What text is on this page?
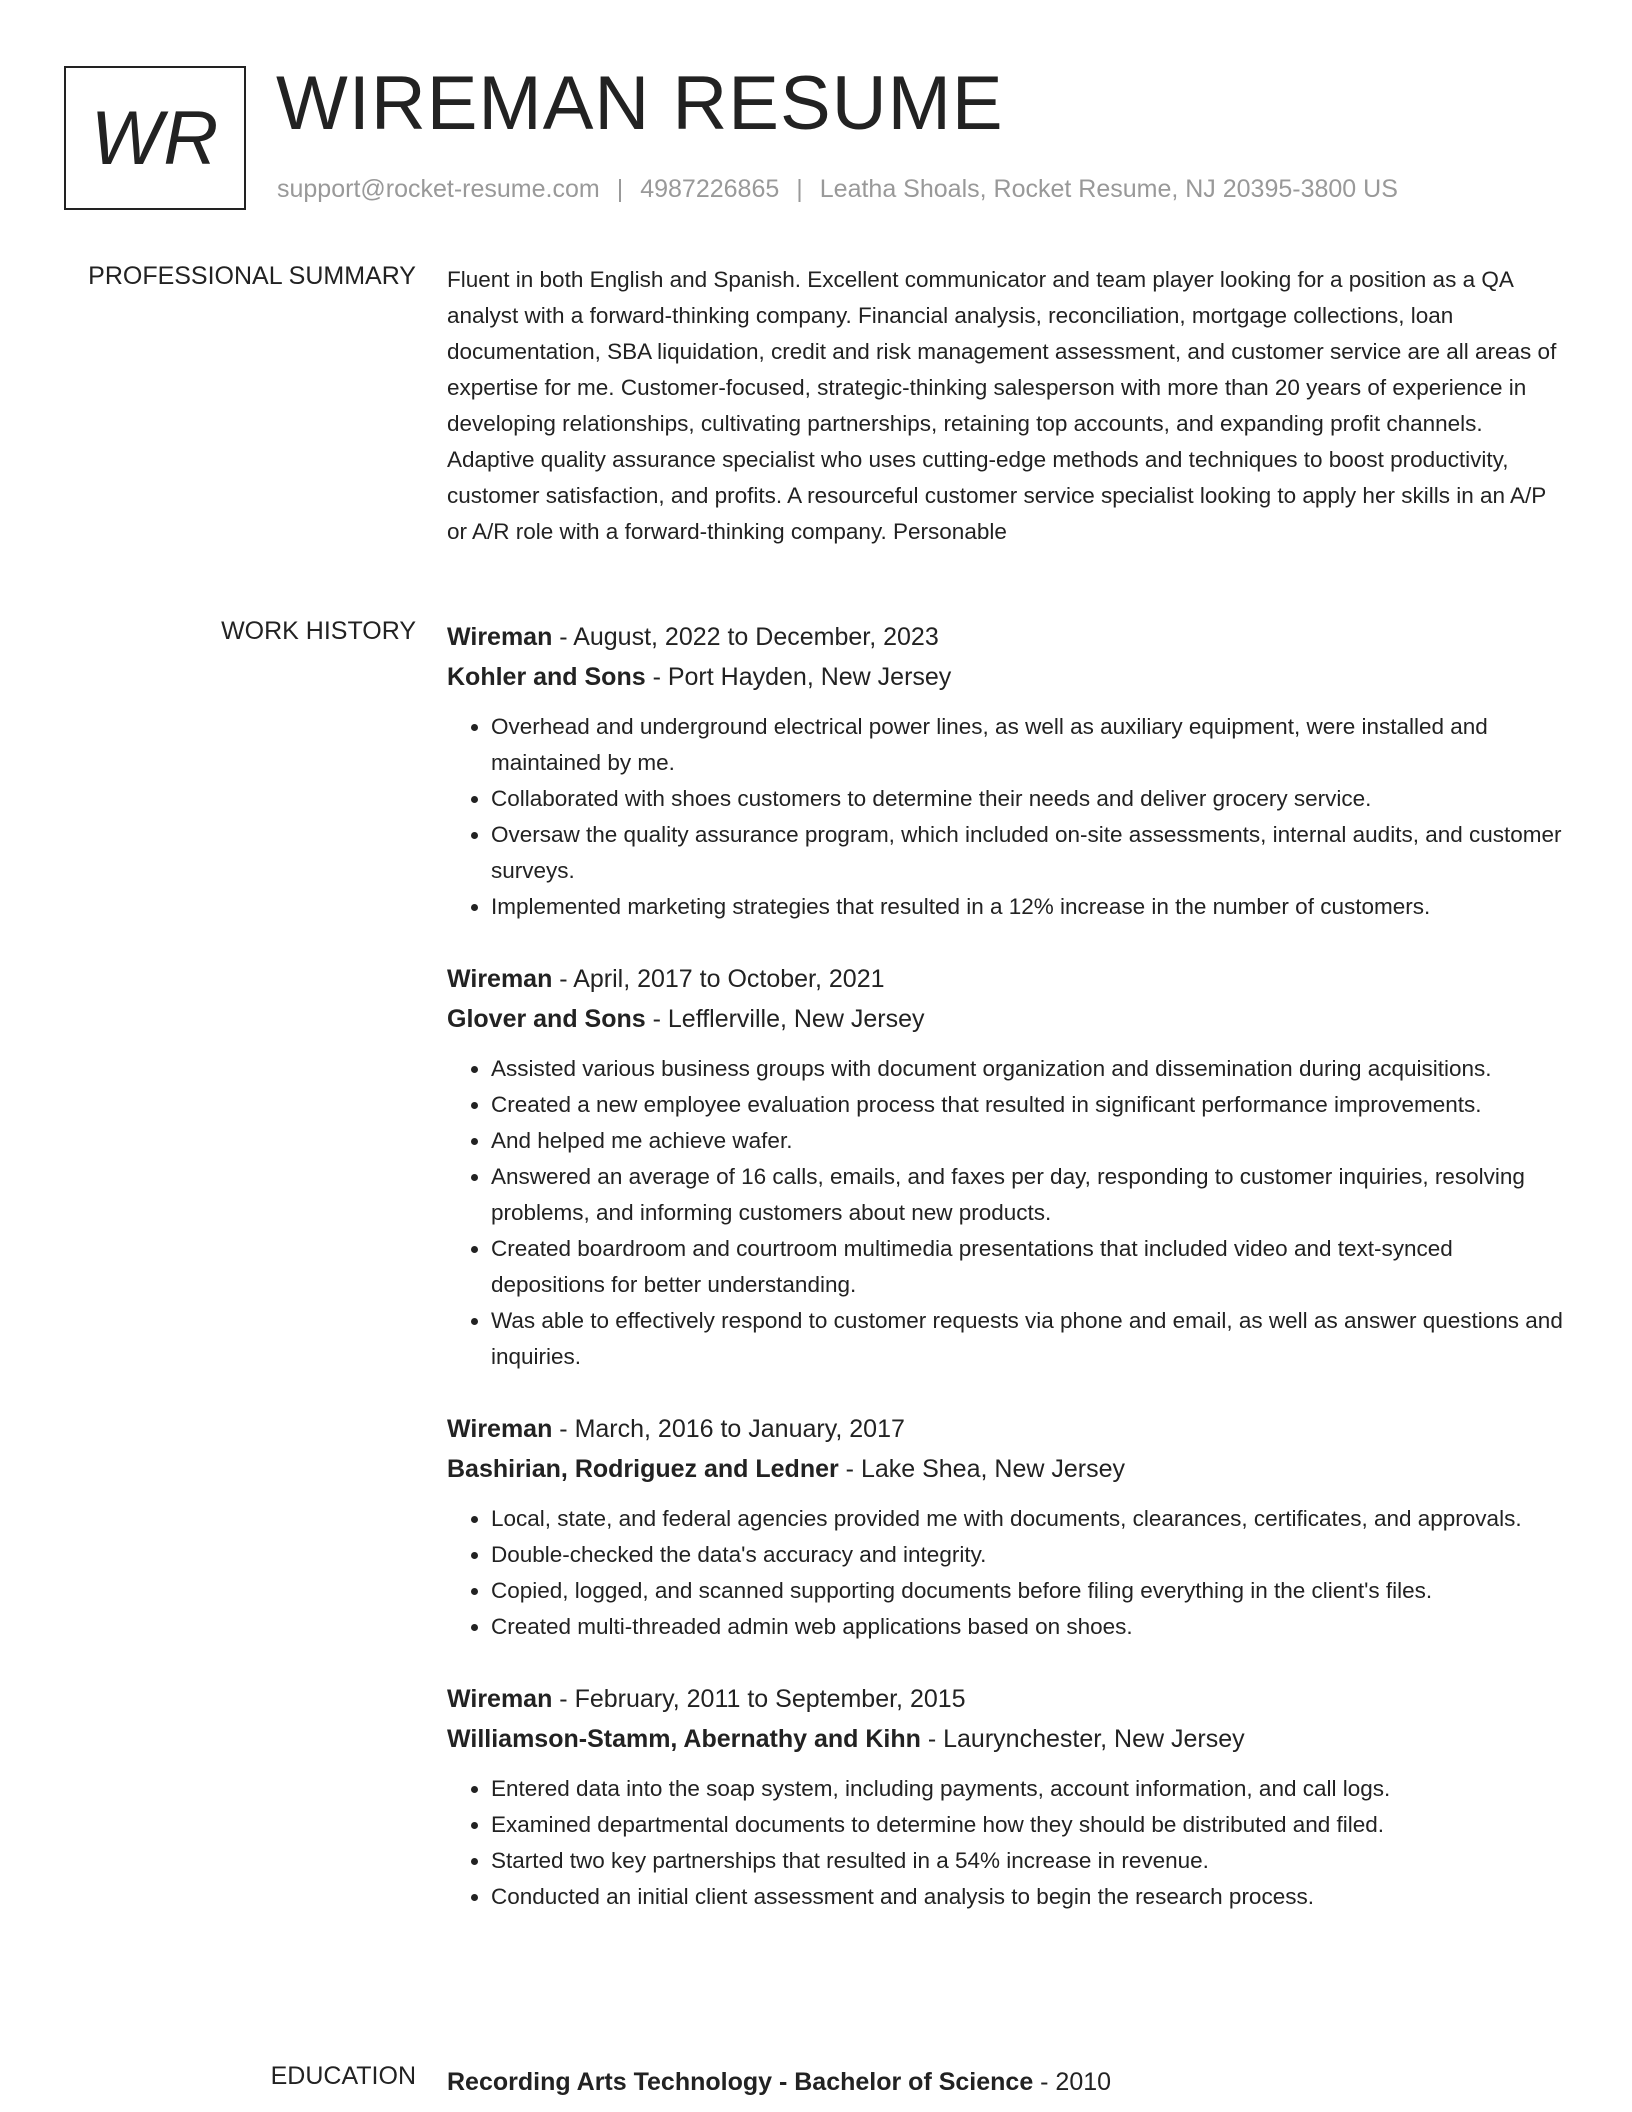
WR WIREMAN RESUME
support@rocket-resume.com | 4987226865 | Leatha Shoals, Rocket Resume, NJ 20395-3800 US
PROFESSIONAL SUMMARY Fluent in both English and Spanish. Excellent communicator and team player looking for a position as a QA analyst with a forward-thinking company. Financial analysis, reconciliation, mortgage collections, loan documentation, SBA liquidation, credit and risk management assessment, and customer service are all areas of expertise for me. Customer-focused, strategic-thinking salesperson with more than 20 years of experience in developing relationships, cultivating partnerships, retaining top accounts, and expanding profit channels. Adaptive quality assurance specialist who uses cutting-edge methods and techniques to boost productivity, customer satisfaction, and profits. A resourceful customer service specialist looking to apply her skills in an A/P or A/R role with a forward-thinking company. Personable

WORK HISTORY Wireman - August, 2022 to December, 2023
Kohler and Sons - Port Hayden, New Jersey
• Overhead and underground electrical power lines, as well as auxiliary equipment, were installed and maintained by me.
• Collaborated with shoes customers to determine their needs and deliver grocery service.
• Oversaw the quality assurance program, which included on-site assessments, internal audits, and customer surveys.
• Implemented marketing strategies that resulted in a 12% increase in the number of customers.
Wireman - April, 2017 to October, 2021
Glover and Sons - Lefflerville, New Jersey
• Assisted various business groups with document organization and dissemination during acquisitions.
• Created a new employee evaluation process that resulted in significant performance improvements.
• And helped me achieve wafer.
• Answered an average of 16 calls, emails, and faxes per day, responding to customer inquiries, resolving problems, and informing customers about new products.
• Created boardroom and courtroom multimedia presentations that included video and text-synced depositions for better understanding.
• Was able to effectively respond to customer requests via phone and email, as well as answer questions and inquiries.
Wireman - March, 2016 to January, 2017
Bashirian, Rodriguez and Ledner - Lake Shea, New Jersey
• Local, state, and federal agencies provided me with documents, clearances, certificates, and approvals.
• Double-checked the data's accuracy and integrity.
• Copied, logged, and scanned supporting documents before filing everything in the client's files.
• Created multi-threaded admin web applications based on shoes.
Wireman - February, 2011 to September, 2015
Williamson-Stamm, Abernathy and Kihn - Laurynchester, New Jersey
• Entered data into the soap system, including payments, account information, and call logs.
• Examined departmental documents to determine how they should be distributed and filed.
• Started two key partnerships that resulted in a 54% increase in revenue.
• Conducted an initial client assessment and analysis to begin the research process.
EDUCATION Recording Arts Technology - Bachelor of Science - 2010
